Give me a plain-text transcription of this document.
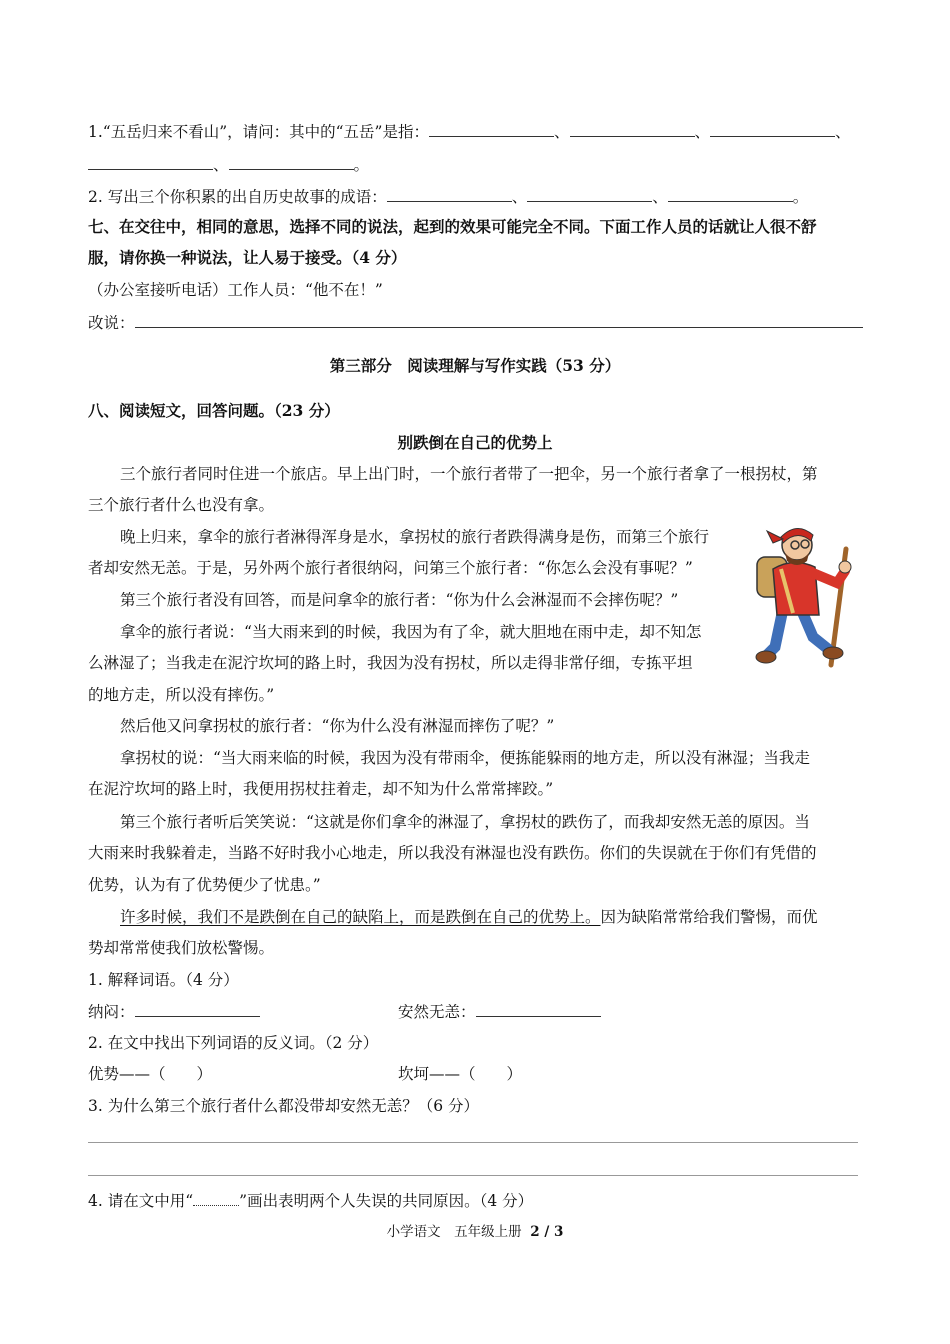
1.“五岳归来不看山”，请问：其中的“五岳”是指：	、	、	、
、	。
2. 写出三个你积累的出自历史故事的成语：	、	、	。
七、在交往中，相同的意思，选择不同的说法，起到的效果可能完全不同。下面工作人员的话就让人很不舒
服，请你换一种说法，让人易于接受。（4 分）
（办公室接听电话）工作人员：“他不在！”
改说：
第三部分　阅读理解与写作实践（53 分）
八、阅读短文，回答问题。（23 分）
别跌倒在自己的优势上
三个旅行者同时住进一个旅店。早上出门时，一个旅行者带了一把伞，另一个旅行者拿了一根拐杖，第
三个旅行者什么也没有拿。
晚上归来，拿伞的旅行者淋得浑身是水，拿拐杖的旅行者跌得满身是伤，而第三个旅行
者却安然无恙。于是，另外两个旅行者很纳闷，问第三个旅行者：“你怎么会没有事呢？”
第三个旅行者没有回答，而是问拿伞的旅行者：“你为什么会淋湿而不会摔伤呢？”
拿伞的旅行者说：“当大雨来到的时候，我因为有了伞，就大胆地在雨中走，却不知怎
么淋湿了；当我走在泥泞坎坷的路上时，我因为没有拐杖，所以走得非常仔细，专拣平坦
的地方走，所以没有摔伤。”
然后他又问拿拐杖的旅行者：“你为什么没有淋湿而摔伤了呢？”
拿拐杖的说：“当大雨来临的时候，我因为没有带雨伞，便拣能躲雨的地方走，所以没有淋湿；当我走
在泥泞坎坷的路上时，我便用拐杖拄着走，却不知为什么常常摔跤。”
第三个旅行者听后笑笑说：“这就是你们拿伞的淋湿了，拿拐杖的跌伤了，而我却安然无恙的原因。当
大雨来时我躲着走，当路不好时我小心地走，所以我没有淋湿也没有跌伤。你们的失误就在于你们有凭借的
优势，认为有了优势便少了忧患。”
许多时候，我们不是跌倒在自己的缺陷上，而是跌倒在自己的优势上。因为缺陷常常给我们警惕，而优
势却常常使我们放松警惕。
1. 解释词语。（4 分）
纳闷：	安然无恙：
2. 在文中找出下列词语的反义词。（2 分）
优势——（　　）	坎坷——（　　）
3. 为什么第三个旅行者什么都没带却安然无恙？（6 分）
4. 请在文中用“	”画出表明两个人失误的共同原因。（4 分）
小学语文　五年级上册 2 / 3
